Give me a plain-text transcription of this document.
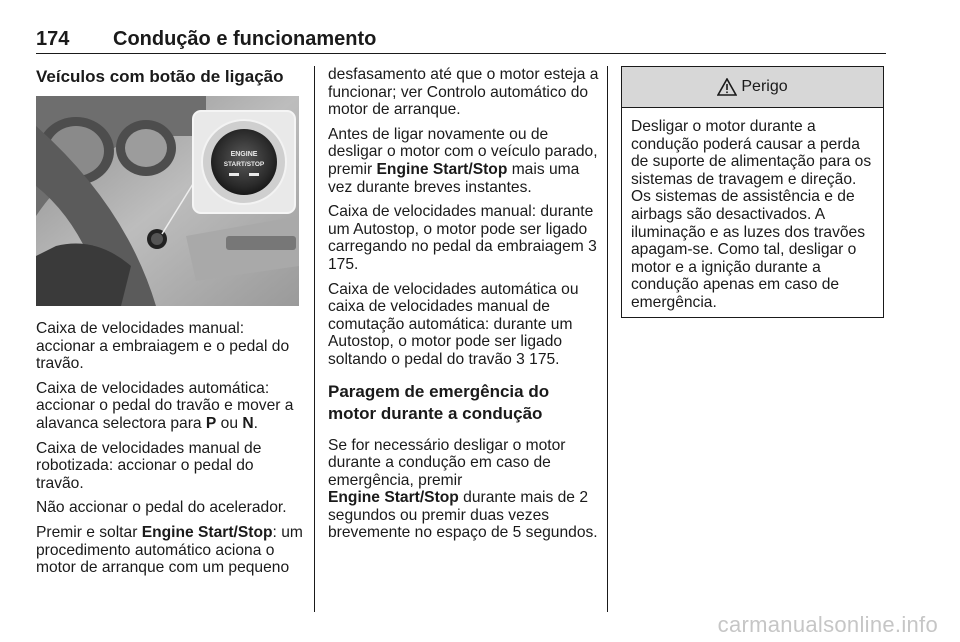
174 Condução e funcionamento
Veículos com botão de ligação
ENGINE
START/STOP

Caixa de velocidades manual: accionar a embraiagem e o pedal do travão.

Caixa de velocidades automática: accionar o pedal do travão e mover a alavanca selectora para P ou N.

Caixa de velocidades manual de robotizada: accionar o pedal do travão.

Não accionar o pedal do acelerador.

Premir e soltar Engine Start/Stop: um procedimento automático aciona o motor de arranque com um pequeno

desfasamento até que o motor esteja a funcionar; ver Controlo automático do motor de arranque.

Antes de ligar novamente ou de desligar o motor com o veículo parado, premir Engine Start/Stop mais uma vez durante breves instantes.

Caixa de velocidades manual: durante um Autostop, o motor pode ser ligado carregando no pedal da embraiagem 3 175.

Caixa de velocidades automática ou caixa de velocidades manual de comutação automática: durante um Autostop, o motor pode ser ligado soltando o pedal do travão 3 175.

Paragem de emergência do motor durante a condução

Se for necessário desligar o motor durante a condução em caso de emergência, premir
Engine Start/Stop durante mais de 2 segundos ou premir duas vezes brevemente no espaço de 5 segundos.

Perigo
Desligar o motor durante a condução poderá causar a perda de suporte de alimentação para os sistemas de travagem e direção. Os sistemas de assistência e de airbags são desactivados. A iluminação e as luzes dos travões apagam-se. Como tal, desligar o motor e a ignição durante a condução apenas em caso de emergência.
carmanualsonline.info
